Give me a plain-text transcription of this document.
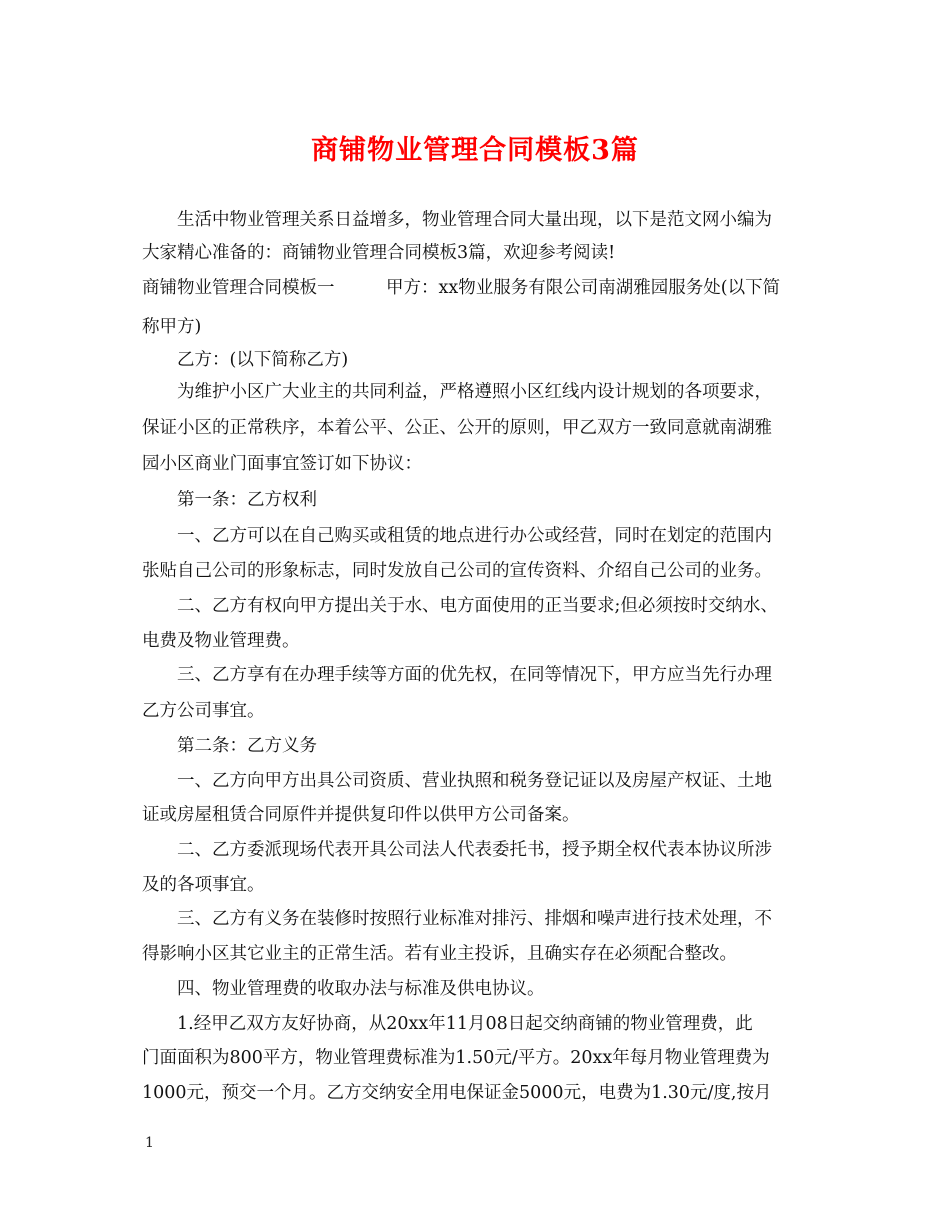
商铺物业管理合同模板3篇
生活中物业管理关系日益增多，物业管理合同大量出现，以下是范文网小编为
大家精心准备的：商铺物业管理合同模板3篇，欢迎参考阅读!
商铺物业管理合同模板一	甲方：xx物业服务有限公司南湖雅园服务处(以下简
称甲方)
乙方：(以下简称乙方)
为维护小区广大业主的共同利益，严格遵照小区红线内设计规划的各项要求，
保证小区的正常秩序，本着公平、公正、公开的原则，甲乙双方一致同意就南湖雅
园小区商业门面事宜签订如下协议：
第一条：乙方权利
一、乙方可以在自己购买或租赁的地点进行办公或经营，同时在划定的范围内
张贴自己公司的形象标志，同时发放自己公司的宣传资料、介绍自己公司的业务。
二、乙方有权向甲方提出关于水、电方面使用的正当要求;但必须按时交纳水、
电费及物业管理费。
三、乙方享有在办理手续等方面的优先权，在同等情况下，甲方应当先行办理
乙方公司事宜。
第二条：乙方义务
一、乙方向甲方出具公司资质、营业执照和税务登记证以及房屋产权证、土地
证或房屋租赁合同原件并提供复印件以供甲方公司备案。
二、乙方委派现场代表开具公司法人代表委托书，授予期全权代表本协议所涉
及的各项事宜。
三、乙方有义务在装修时按照行业标准对排污、排烟和噪声进行技术处理，不
得影响小区其它业主的正常生活。若有业主投诉，且确实存在必须配合整改。
四、物业管理费的收取办法与标准及供电协议。
1.经甲乙双方友好协商，从20xx年11月08日起交纳商铺的物业管理费，此
门面面积为800平方，物业管理费标准为1.50元/平方。20xx年每月物业管理费为
1000元，预交一个月。乙方交纳安全用电保证金5000元，电费为1.30元/度,按月
1
